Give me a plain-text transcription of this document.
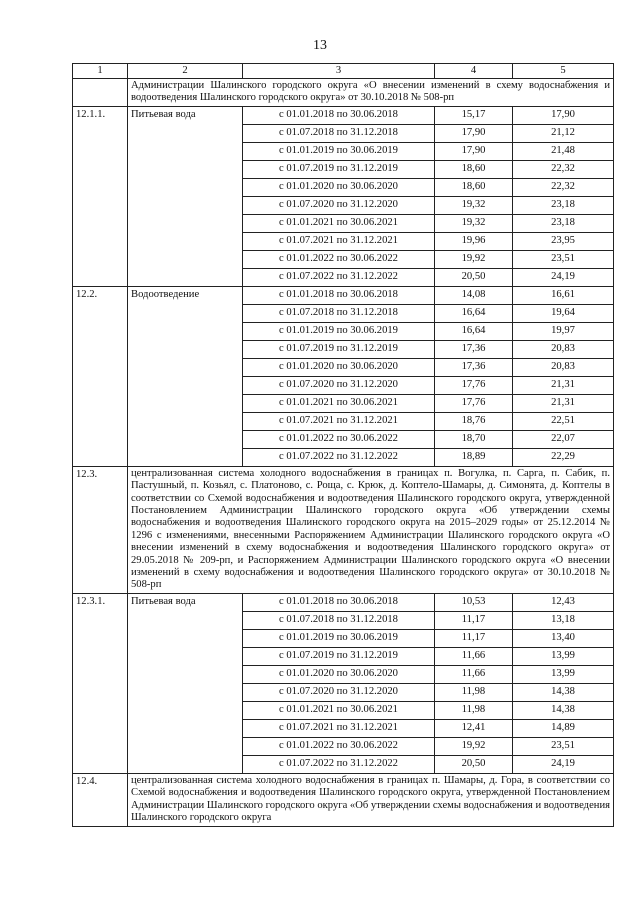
13
1	2	3	4	5
	Администрации Шалинского городского округа «О внесении изменений в схему водоснабжения и водоотведения Шалинского городского округа» от 30.10.2018 № 508-рп			
12.1.1.	Питьевая вода	с 01.01.2018 по 30.06.2018	15,17	17,90
		с 01.07.2018 по 31.12.2018	17,90	21,12
		с 01.01.2019 по 30.06.2019	17,90	21,48
		с 01.07.2019 по 31.12.2019	18,60	22,32
		с 01.01.2020 по 30.06.2020	18,60	22,32
		с 01.07.2020 по 31.12.2020	19,32	23,18
		с 01.01.2021 по 30.06.2021	19,32	23,18
		с 01.07.2021 по 31.12.2021	19,96	23,95
		с 01.01.2022 по 30.06.2022	19,92	23,51
		с 01.07.2022 по 31.12.2022	20,50	24,19
12.2.	Водоотведение	с 01.01.2018 по 30.06.2018	14,08	16,61
		с 01.07.2018 по 31.12.2018	16,64	19,64
		с 01.01.2019 по 30.06.2019	16,64	19,97
		с 01.07.2019 по 31.12.2019	17,36	20,83
		с 01.01.2020 по 30.06.2020	17,36	20,83
		с 01.07.2020 по 31.12.2020	17,76	21,31
		с 01.01.2021 по 30.06.2021	17,76	21,31
		с 01.07.2021 по 31.12.2021	18,76	22,51
		с 01.01.2022 по 30.06.2022	18,70	22,07
		с 01.07.2022 по 31.12.2022	18,89	22,29
12.3.	централизованная система холодного водоснабжения в границах п. Вогулка, п. Сарга, п. Сабик, п. Пастушный, п. Козьял, с. Платоново, с. Роща, с. Крюк, д. Коптело-Шамары, д. Симонята, д. Коптелы в соответствии со Схемой водоснабжения и водоотведения Шалинского городского округа, утвержденной Постановлением Администрации Шалинского городского округа «Об утверждении схемы водоснабжения и водоотведения Шалинского городского округа на 2015–2029 годы» от 25.12.2014 № 1296 с изменениями, внесенными Распоряжением Администрации Шалинского городского округа «О внесении изменений в схему водоснабжения и водоотведения Шалинского городского округа» от 29.05.2018 № 209-рп, и Распоряжением Администрации Шалинского городского округа «О внесении изменений в схему водоснабжения и водоотведения Шалинского городского округа» от 30.10.2018 № 508-рп			
12.3.1.	Питьевая вода	с 01.01.2018 по 30.06.2018	10,53	12,43
		с 01.07.2018 по 31.12.2018	11,17	13,18
		с 01.01.2019 по 30.06.2019	11,17	13,40
		с 01.07.2019 по 31.12.2019	11,66	13,99
		с 01.01.2020 по 30.06.2020	11,66	13,99
		с 01.07.2020 по 31.12.2020	11,98	14,38
		с 01.01.2021 по 30.06.2021	11,98	14,38
		с 01.07.2021 по 31.12.2021	12,41	14,89
		с 01.01.2022 по 30.06.2022	19,92	23,51
		с 01.07.2022 по 31.12.2022	20,50	24,19
12.4.	централизованная система холодного водоснабжения в границах п. Шамары, д. Гора, в соответствии со Схемой водоснабжения и водоотведения Шалинского городского округа, утвержденной Постановлением Администрации Шалинского городского округа «Об утверждении схемы водоснабжения и водоотведения Шалинского городского округа			
